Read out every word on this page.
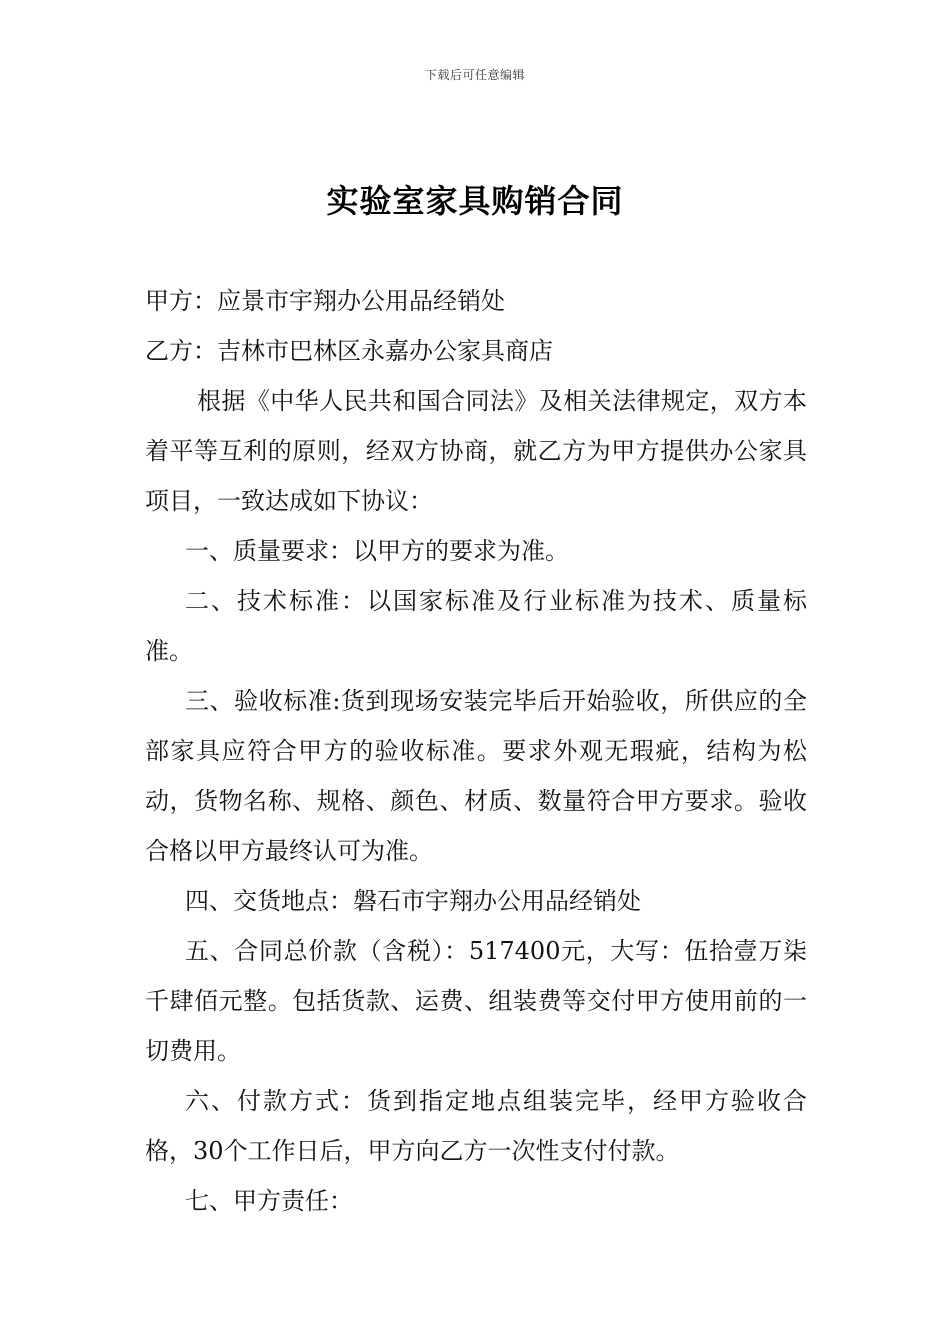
下载后可任意编辑
实验室家具购销合同

甲方：应景市宇翔办公用品经销处

乙方：吉林市巴林区永嘉办公家具商店

根据《中华人民共和国合同法》及相关法律规定，双方本着平等互利的原则，经双方协商，就乙方为甲方提供办公家具项目，一致达成如下协议：

一、质量要求：以甲方的要求为准。

二、技术标准：以国家标准及行业标准为技术、质量标准。

三、验收标准:货到现场安装完毕后开始验收，所供应的全部家具应符合甲方的验收标准。要求外观无瑕疵，结构为松动，货物名称、规格、颜色、材质、数量符合甲方要求。验收合格以甲方最终认可为准。

四、交货地点：磐石市宇翔办公用品经销处

五、合同总价款（含税）：517400元，大写：伍拾壹万柒千肆佰元整。包括货款、运费、组装费等交付甲方使用前的一切费用。

六、付款方式：货到指定地点组装完毕，经甲方验收合格，30个工作日后，甲方向乙方一次性支付付款。

七、甲方责任：
